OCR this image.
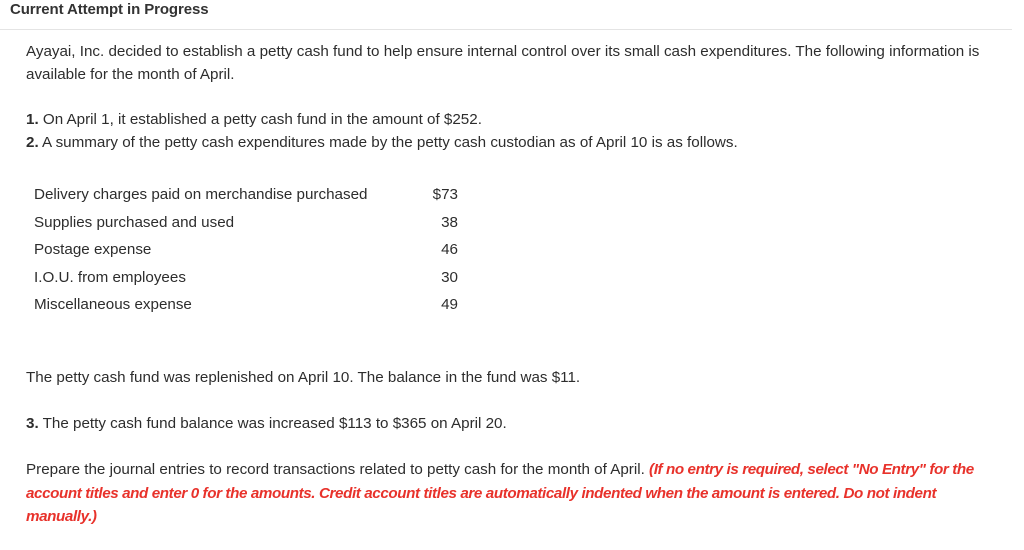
Current Attempt in Progress

Ayayai, Inc. decided to establish a petty cash fund to help ensure internal control over its small cash expenditures. The following information is available for the month of April.

1. On April 1, it established a petty cash fund in the amount of $252.

2. A summary of the petty cash expenditures made by the petty cash custodian as of April 10 is as follows.

Delivery charges paid on merchandise purchased	$73
Supplies purchased and used	38
Postage expense	46
I.O.U. from employees	30
Miscellaneous expense	49

The petty cash fund was replenished on April 10. The balance in the fund was $11.

3. The petty cash fund balance was increased $113 to $365 on April 20.

Prepare the journal entries to record transactions related to petty cash for the month of April. (If no entry is required, select "No Entry" for the account titles and enter 0 for the amounts. Credit account titles are automatically indented when the amount is entered. Do not indent manually.)
